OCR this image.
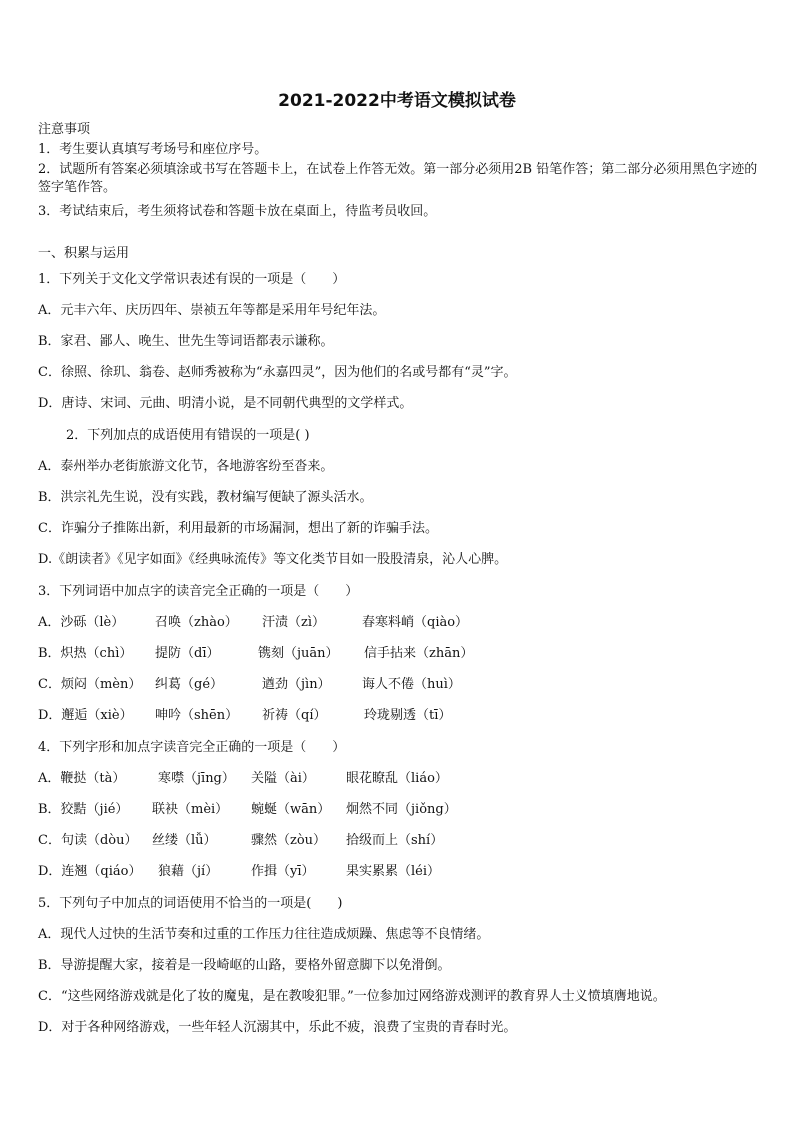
2021-2022中考语文模拟试卷
注意事项
1．考生要认真填写考场号和座位序号。
2．试题所有答案必须填涂或书写在答题卡上，在试卷上作答无效。第一部分必须用2B 铅笔作答；第二部分必须用黑色字迹的签字笔作答。
3．考试结束后，考生须将试卷和答题卡放在桌面上，待监考员收回。
一、积累与运用
1．下列关于文化文学常识表述有误的一项是（　　）
A．元丰六年、庆历四年、崇祯五年等都是采用年号纪年法。
B．家君、鄙人、晚生、世先生等词语都表示谦称。
C．徐照、徐玑、翁卷、赵师秀被称为“永嘉四灵”，因为他们的名或号都有“灵”字。
D．唐诗、宋词、元曲、明清小说，是不同朝代典型的文学样式。
2．下列加点的成语使用有错误的一项是( )
A．泰州举办老街旅游文化节，各地游客纷至沓来。
B．洪宗礼先生说，没有实践，教材编写便缺了源头活水。
C．诈骗分子推陈出新，利用最新的市场漏洞，想出了新的诈骗手法。
D.《朗读者》《见字如面》《经典咏流传》等文化类节目如一股股清泉，沁人心脾。
3．下列词语中加点字的读音完全正确的一项是（　　）
A．沙砾（lè） 召唤（zhào） 汗渍（zì）	春寒料峭（qiào）
B．炽热（chì） 提防（dī）	镌刻（juān） 信手拈来（zhān）
C．烦闷（mèn） 纠葛（gé）	遒劲（jìn） 诲人不倦（huì）
D．邂逅（xiè） 呻吟（shēn） 祈祷（qí）	玲珑剔透（tī）
4．下列字形和加点字读音完全正确的一项是（　　）
A．鞭挞（tà）	寒噤（jīng） 关隘（ài） 眼花瞭乱（liáo）
B．狡黠（jié） 联袂（mèi） 蜿蜒（wān） 炯然不同（jiǒng）
C．句读（dòu） 丝缕（lǚ）	骤然（zòu） 拾级而上（shí）
D．连翘（qiáo） 狼藉（jí）	作揖（yī） 果实累累（léi）
5．下列句子中加点的词语使用不恰当的一项是(　　)
A．现代人过快的生活节奏和过重的工作压力往往造成烦躁、焦虑等不良情绪。
B．导游提醒大家，接着是一段崎岖的山路，要格外留意脚下以免滑倒。
C．“这些网络游戏就是化了妆的魔鬼，是在教唆犯罪。”一位参加过网络游戏测评的教育界人士义愤填膺地说。
D．对于各种网络游戏，一些年轻人沉溺其中，乐此不疲，浪费了宝贵的青春时光。
